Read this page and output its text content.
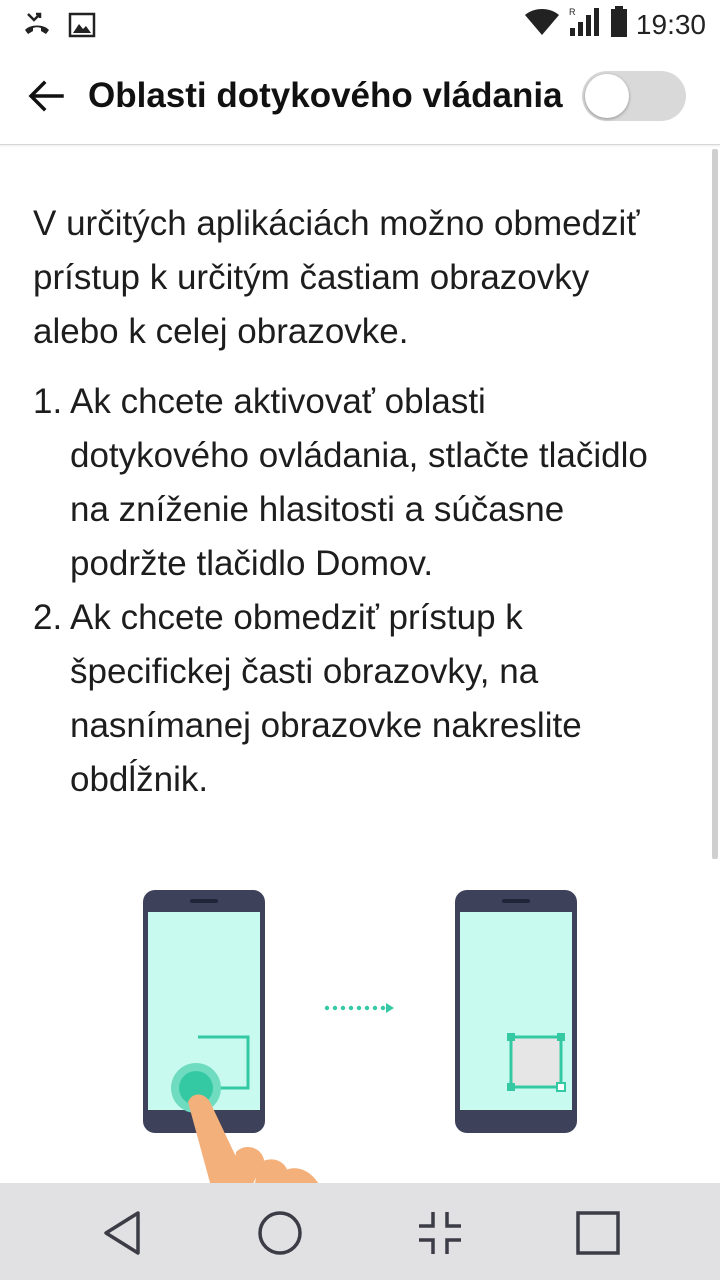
R 19:30
Oblasti dotykového vládania
V určitých aplikáciách možno obmedziť prístup k určitým častiam obrazovky alebo k celej obrazovke.
1. Ak chcete aktivovať oblasti dotykového ovládania, stlačte tlačidlo na zníženie hlasitosti a súčasne podržte tlačidlo Domov.
2. Ak chcete obmedziť prístup k špecifickej časti obrazovky, na nasnímanej obrazovke nakreslite obdĺžnik.
